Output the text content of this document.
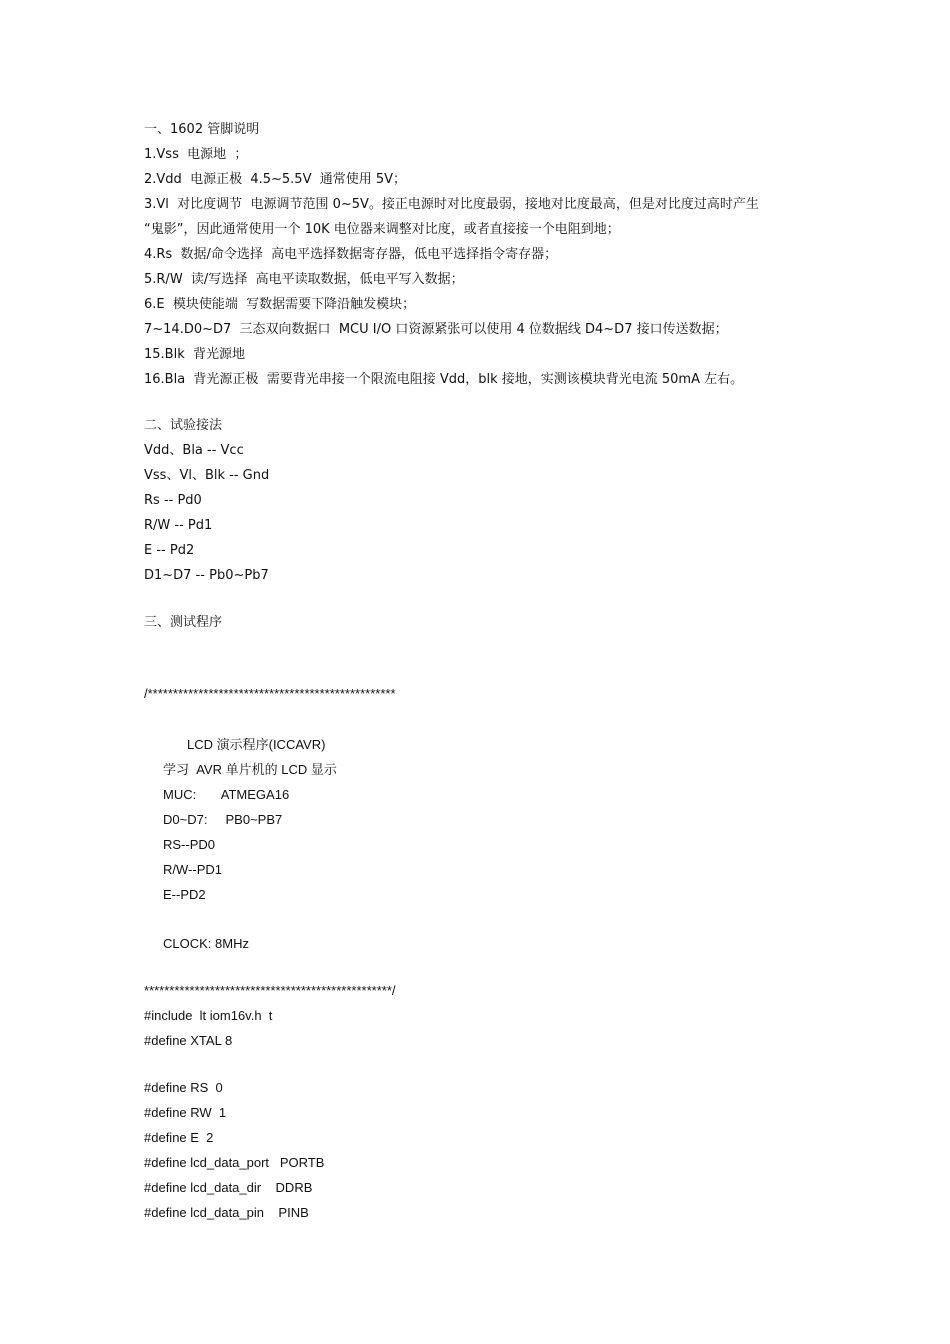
一、1602 管脚说明
1.Vss  电源地  ；
2.Vdd  电源正极  4.5~5.5V  通常使用 5V；
3.Vl  对比度调节  电源调节范围 0~5V。接正电源时对比度最弱，接地对比度最高，但是对比度过高时产生
“鬼影”，因此通常使用一个 10K 电位器来调整对比度，或者直接接一个电阻到地；
4.Rs  数据/命令选择  高电平选择数据寄存器，低电平选择指令寄存器；
5.R/W  读/写选择  高电平读取数据，低电平写入数据；
6.E  模块使能端  写数据需要下降沿触发模块；
7~14.D0~D7  三态双向数据口  MCU I/O 口资源紧张可以使用 4 位数据线 D4~D7 接口传送数据；
15.Blk  背光源地
16.Bla  背光源正极  需要背光串接一个限流电阻接 Vdd，blk 接地，实测该模块背光电流 50mA 左右。
二、试验接法
Vdd、Bla -- Vcc
Vss、Vl、Blk -- Gnd
Rs -- Pd0
R/W -- Pd1
E -- Pd2
D1~D7 -- Pb0~Pb7
三、测试程序
/*************************************************
LCD 演示程序(ICCAVR)
学习  AVR 单片机的 LCD 显示
MUC:       ATMEGA16
D0~D7:     PB0~PB7
RS--PD0
R/W--PD1
E--PD2
CLOCK: 8MHz
*************************************************/
#include  lt iom16v.h  t
#define XTAL 8
#define RS  0
#define RW  1
#define E  2
#define lcd_data_port   PORTB
#define lcd_data_dir    DDRB
#define lcd_data_pin    PINB
